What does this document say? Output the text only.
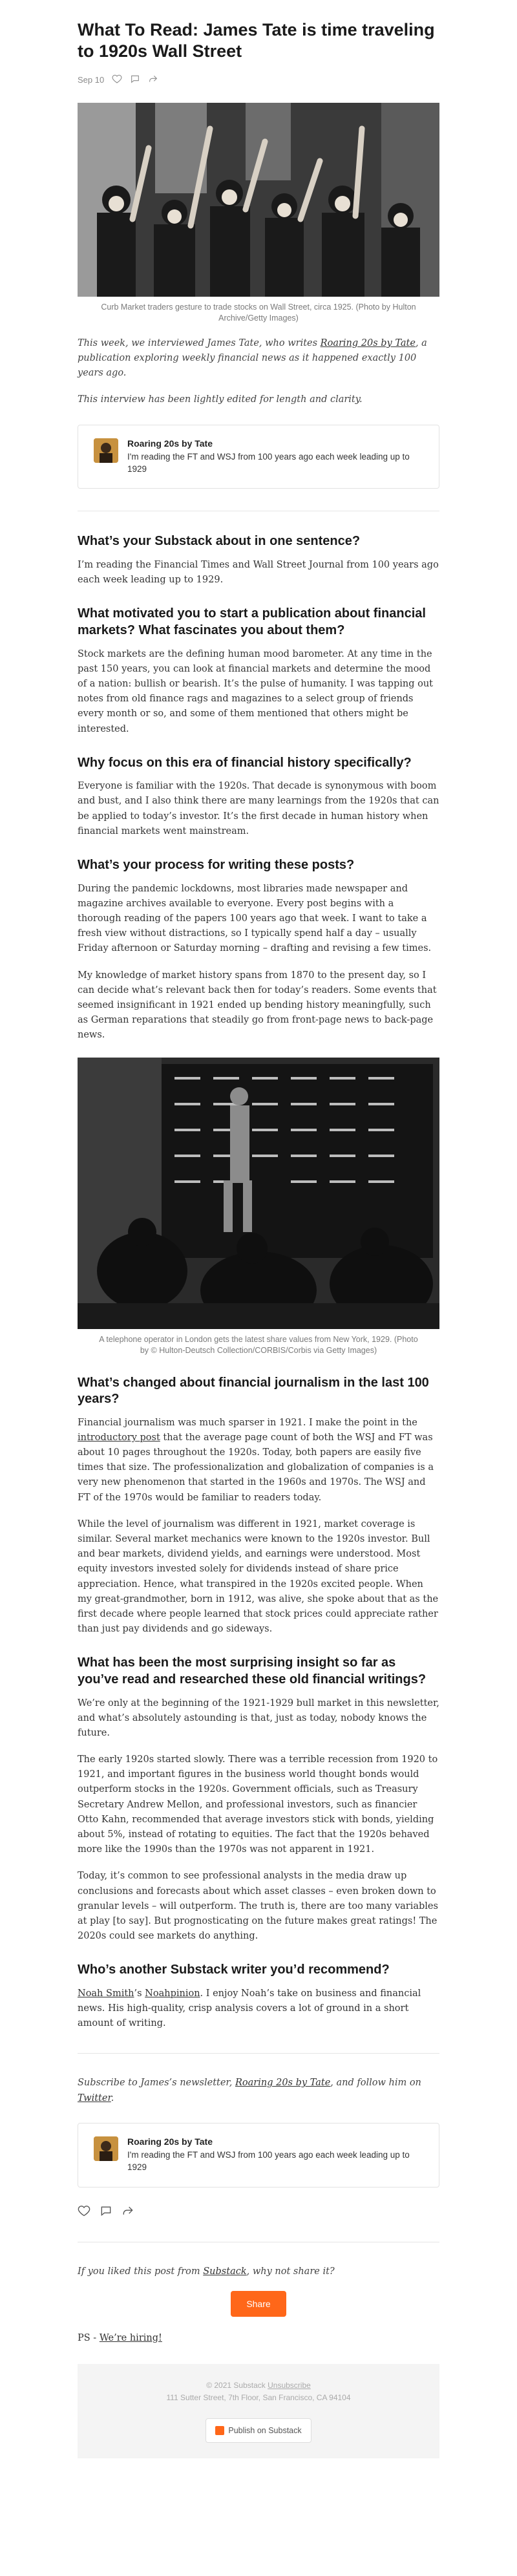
What To Read: James Tate is time traveling to 1920s Wall Street
Sep 10
Curb Market traders gesture to trade stocks on Wall Street, circa 1925. (Photo by Hulton Archive/Getty Images)

This week, we interviewed James Tate, who writes Roaring 20s by Tate, a publication exploring weekly financial news as it happened exactly 100 years ago.

This interview has been lightly edited for length and clarity.

Roaring 20s by Tate
I'm reading the FT and WSJ from 100 years ago each week leading up to 1929
What’s your Substack about in one sentence?

I’m reading the Financial Times and Wall Street Journal from 100 years ago each week leading up to 1929.

What motivated you to start a publication about financial markets? What fascinates you about them?

Stock markets are the defining human mood barometer. At any time in the past 150 years, you can look at financial markets and determine the mood of a nation: bullish or bearish. It’s the pulse of humanity. I was tapping out notes from old finance rags and magazines to a select group of friends every month or so, and some of them mentioned that others might be interested.

Why focus on this era of financial history specifically?

Everyone is familiar with the 1920s. That decade is synonymous with boom and bust, and I also think there are many learnings from the 1920s that can be applied to today’s investor. It’s the first decade in human history when financial markets went mainstream.

What’s your process for writing these posts?

During the pandemic lockdowns, most libraries made newspaper and magazine archives available to everyone. Every post begins with a thorough reading of the papers 100 years ago that week. I want to take a fresh view without distractions, so I typically spend half a day – usually Friday afternoon or Saturday morning – drafting and revising a few times.

My knowledge of market history spans from 1870 to the present day, so I can decide what’s relevant back then for today’s readers. Some events that seemed insignificant in 1921 ended up bending history meaningfully, such as German reparations that steadily go from front-page news to back-page news.

A telephone operator in London gets the latest share values from New York, 1929. (Photo by © Hulton-Deutsch Collection/CORBIS/Corbis via Getty Images)
What’s changed about financial journalism in the last 100 years?

Financial journalism was much sparser in 1921. I make the point in the introductory post that the average page count of both the WSJ and FT was about 10 pages throughout the 1920s. Today, both papers are easily five times that size. The professionalization and globalization of companies is a very new phenomenon that started in the 1960s and 1970s. The WSJ and FT of the 1970s would be familiar to readers today.

While the level of journalism was different in 1921, market coverage is similar. Several market mechanics were known to the 1920s investor. Bull and bear markets, dividend yields, and earnings were understood. Most equity investors invested solely for dividends instead of share price appreciation. Hence, what transpired in the 1920s excited people. When my great-grandmother, born in 1912, was alive, she spoke about that as the first decade where people learned that stock prices could appreciate rather than just pay dividends and go sideways.

What has been the most surprising insight so far as you’ve read and researched these old financial writings?

We’re only at the beginning of the 1921-1929 bull market in this newsletter, and what’s absolutely astounding is that, just as today, nobody knows the future.

The early 1920s started slowly. There was a terrible recession from 1920 to 1921, and important figures in the business world thought bonds would outperform stocks in the 1920s. Government officials, such as Treasury Secretary Andrew Mellon, and professional investors, such as financier Otto Kahn, recommended that average investors stick with bonds, yielding about 5%, instead of rotating to equities. The fact that the 1920s behaved more like the 1990s than the 1970s was not apparent in 1921.

Today, it’s common to see professional analysts in the media draw up conclusions and forecasts about which asset classes – even broken down to granular levels – will outperform. The truth is, there are too many variables at play [to say]. But prognosticating on the future makes great ratings! The 2020s could see markets do anything.

Who’s another Substack writer you’d recommend?

Noah Smith’s Noahpinion. I enjoy Noah’s take on business and financial news. His high-quality, crisp analysis covers a lot of ground in a short amount of writing.

Subscribe to James’s newsletter, Roaring 20s by Tate, and follow him on Twitter.

Roaring 20s by Tate
I'm reading the FT and WSJ from 100 years ago each week leading up to 1929

If you liked this post from Substack, why not share it?

Share

PS - We’re hiring!

© 2021 Substack Unsubscribe
111 Sutter Street, 7th Floor, San Francisco, CA 94104
Publish on Substack
